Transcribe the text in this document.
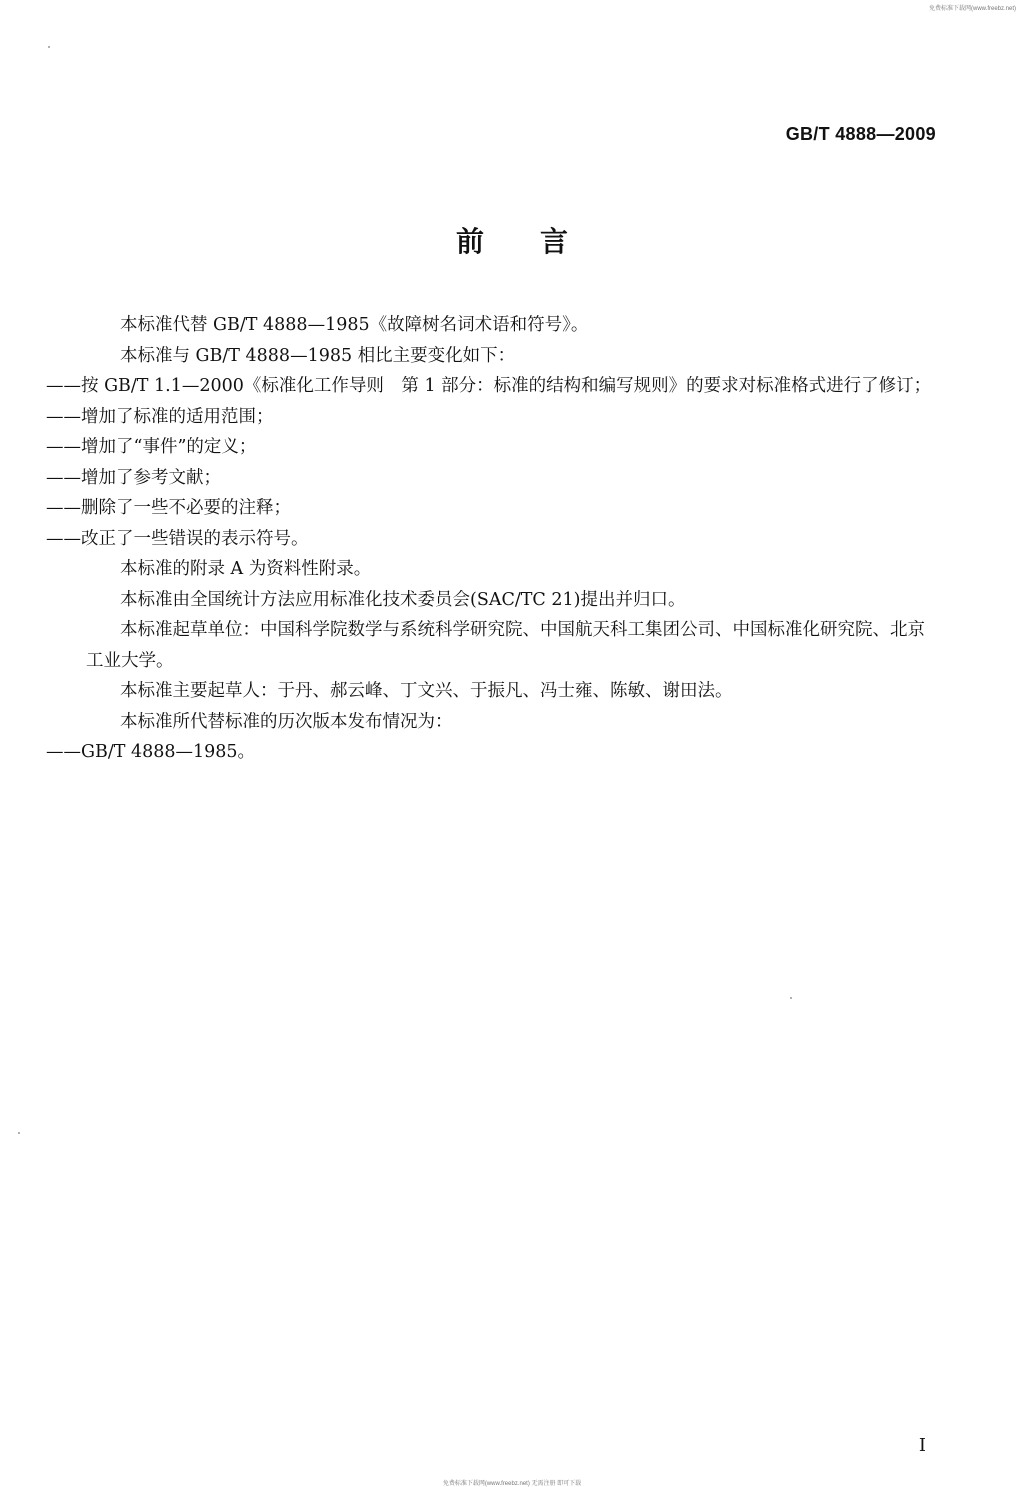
免费标准下载网(www.freebz.net)
GB/T 4888—2009
前言

本标准代替 GB/T 4888—1985《故障树名词术语和符号》。

本标准与 GB/T 4888—1985 相比主要变化如下：

——按 GB/T 1.1—2000《标准化工作导则　第 1 部分：标准的结构和编写规则》的要求对标准格式进行了修订；

——增加了标准的适用范围；

——增加了“事件”的定义；

——增加了参考文献；

——删除了一些不必要的注释；

——改正了一些错误的表示符号。

本标准的附录 A 为资料性附录。

本标准由全国统计方法应用标准化技术委员会(SAC/TC 21)提出并归口。

本标准起草单位：中国科学院数学与系统科学研究院、中国航天科工集团公司、中国标准化研究院、北京工业大学。

本标准主要起草人：于丹、郝云峰、丁文兴、于振凡、冯士雍、陈敏、谢田法。

本标准所代替标准的历次版本发布情况为：

——GB/T 4888—1985。

I
免费标准下载网(www.freebz.net) 无需注册 即可下载
